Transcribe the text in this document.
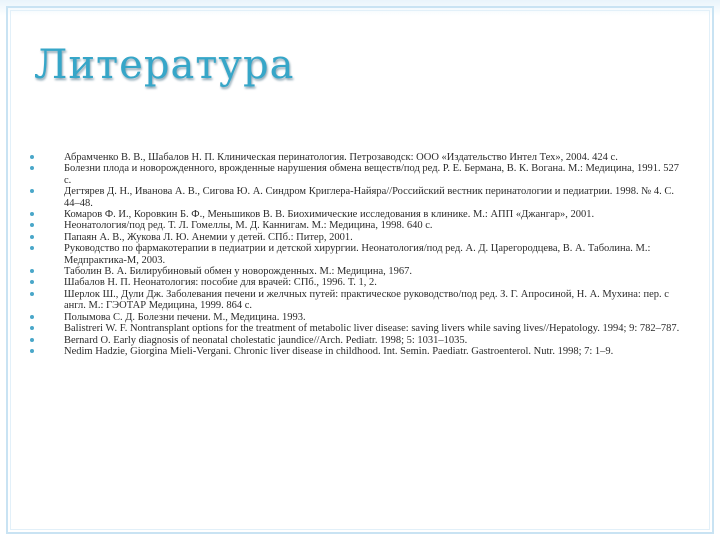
Литература
Абрамченко В. В., Шабалов Н. П. Клиническая перинатология. Петрозаводск: ООО «Издательство Интел Тех», 2004. 424 с.
Болезни плода и новорожденного, врожденные нарушения обмена веществ/под ред. Р. Е. Бермана, В. К. Вогана. М.: Медицина, 1991. 527 с.
Дегтярев Д. Н., Иванова А. В., Сигова Ю. А. Синдром Криглера-Найяра//Российский вестник перинатологии и педиатрии. 1998. № 4. С. 44–48.
Комаров Ф. И., Коровкин Б. Ф., Меньшиков В. В. Биохимические исследования в клинике. М.: АПП «Джангар», 2001.
Неонатология/под ред. Т. Л. Гомеллы, М. Д. Каннигам. М.: Медицина, 1998. 640 с.
Папаян А. В., Жукова Л. Ю. Анемии у детей. СПб.: Питер, 2001.
Руководство по фармакотерапии в педиатрии и детской хирургии. Неонатология/под ред. А. Д. Царегородцева, В. А. Таболина. М.: Медпрактика-М, 2003.
Таболин В. А. Билирубиновый обмен у новорожденных. М.: Медицина, 1967.
Шабалов Н. П. Неонатология: пособие для врачей: СПб., 1996. Т. 1, 2.
Шерлок Ш., Дули Дж. Заболевания печени и желчных путей: практическое руководство/под ред. З. Г. Апросиной, Н. А. Мухина: пер. с англ. М.: ГЭОТАР Медицина, 1999. 864 с.
Полымова С. Д. Болезни печени. М., Медицина. 1993.
Balistreri W. F. Nontransplant options for the treatment of metabolic liver disease: saving livers while saving lives//Hepatology. 1994; 9: 782–787.
Bernard O. Early diagnosis of neonatal cholestatic jaundice//Arch. Pediatr. 1998; 5: 1031–1035.
Nedim Hadzie, Giorgina Mieli-Vergani. Chronic liver disease in childhood. Int. Semin. Paediatr. Gastroenterol. Nutr. 1998; 7: 1–9.
